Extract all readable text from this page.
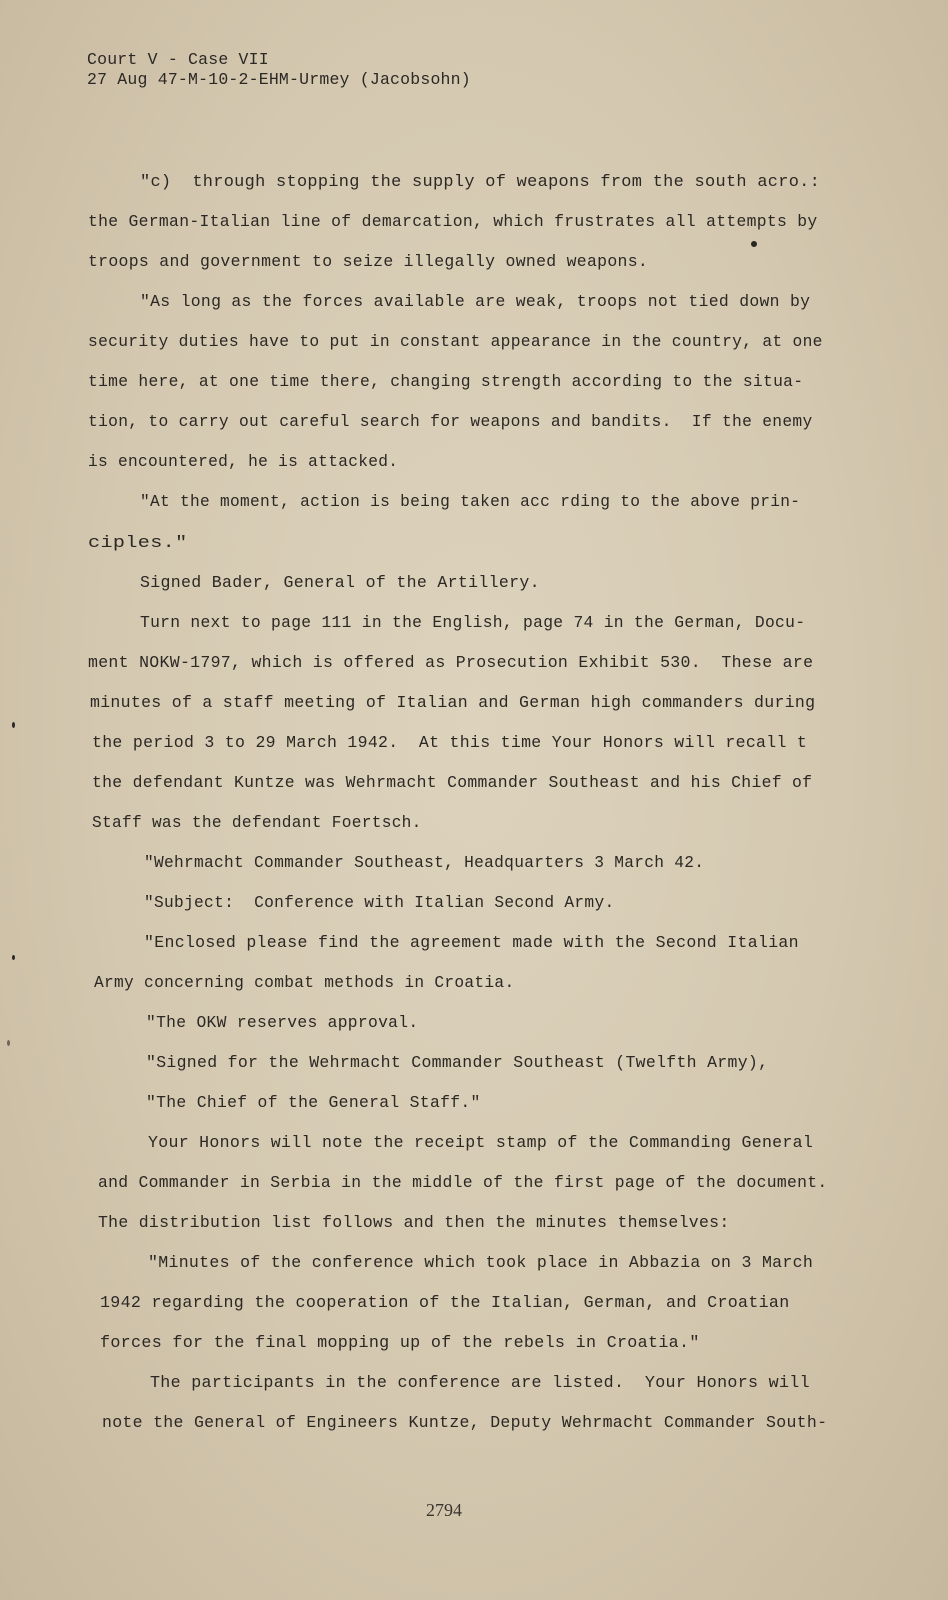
Court V - Case VII
27 Aug 47-M-10-2-EHM-Urmey (Jacobsohn)
"c)  through stopping the supply of weapons from the south acro.:
the German-Italian line of demarcation, which frustrates all attempts by
troops and government to seize illegally owned weapons.
"As long as the forces available are weak, troops not tied down by
security duties have to put in constant appearance in the country, at one
time here, at one time there, changing strength according to the situa-
tion, to carry out careful search for weapons and bandits.  If the enemy
is encountered, he is attacked.
"At the moment, action is being taken acc rding to the above prin-
ciples."
Signed Bader, General of the Artillery.
Turn next to page 111 in the English, page 74 in the German, Docu-
ment NOKW-1797, which is offered as Prosecution Exhibit 530.  These are
minutes of a staff meeting of Italian and German high commanders during
the period 3 to 29 March 1942.  At this time Your Honors will recall t
the defendant Kuntze was Wehrmacht Commander Southeast and his Chief of
Staff was the defendant Foertsch.
"Wehrmacht Commander Southeast, Headquarters 3 March 42.
"Subject:  Conference with Italian Second Army.
"Enclosed please find the agreement made with the Second Italian
Army concerning combat methods in Croatia.
"The OKW reserves approval.
"Signed for the Wehrmacht Commander Southeast (Twelfth Army),
"The Chief of the General Staff."
Your Honors will note the receipt stamp of the Commanding General
and Commander in Serbia in the middle of the first page of the document.
The distribution list follows and then the minutes themselves:
"Minutes of the conference which took place in Abbazia on 3 March
1942 regarding the cooperation of the Italian, German, and Croatian
forces for the final mopping up of the rebels in Croatia."
The participants in the conference are listed.  Your Honors will
note the General of Engineers Kuntze, Deputy Wehrmacht Commander South-
2794
